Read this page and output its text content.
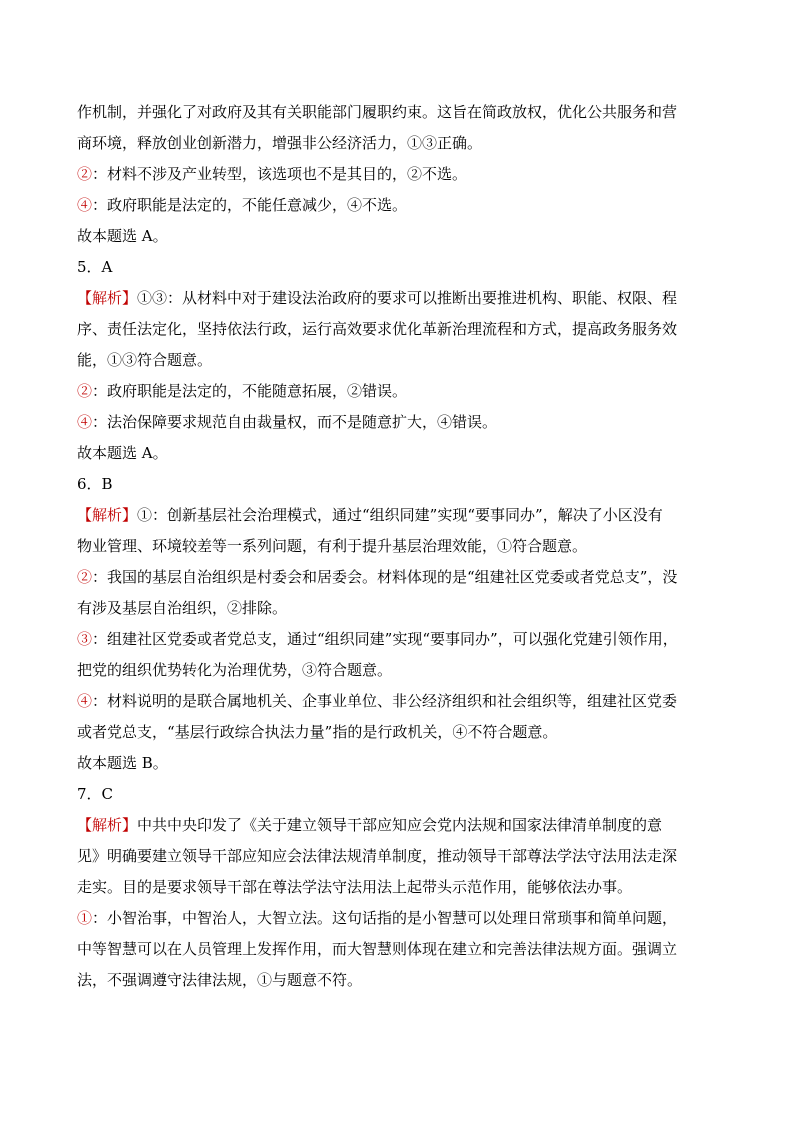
作机制，并强化了对政府及其有关职能部门履职约束。这旨在简政放权，优化公共服务和营
商环境，释放创业创新潜力，增强非公经济活力，①③正确。
②：材料不涉及产业转型，该选项也不是其目的，②不选。
④：政府职能是法定的，不能任意减少，④不选。
故本题选 A。
5．A
【解析】①③：从材料中对于建设法治政府的要求可以推断出要推进机构、职能、权限、程
序、责任法定化，坚持依法行政，运行高效要求优化革新治理流程和方式，提高政务服务效
能，①③符合题意。
②：政府职能是法定的，不能随意拓展，②错误。
④：法治保障要求规范自由裁量权，而不是随意扩大，④错误。
故本题选 A。
6．B
【解析】①：创新基层社会治理模式，通过“组织同建”实现“要事同办”，解决了小区没有
物业管理、环境较差等一系列问题，有利于提升基层治理效能，①符合题意。
②：我国的基层自治组织是村委会和居委会。材料体现的是“组建社区党委或者党总支”，没
有涉及基层自治组织，②排除。
③：组建社区党委或者党总支，通过“组织同建”实现“要事同办”，可以强化党建引领作用，
把党的组织优势转化为治理优势，③符合题意。
④：材料说明的是联合属地机关、企事业单位、非公经济组织和社会组织等，组建社区党委
或者党总支，“基层行政综合执法力量”指的是行政机关，④不符合题意。
故本题选 B。
7．C
【解析】中共中央印发了《关于建立领导干部应知应会党内法规和国家法律清单制度的意
见》明确要建立领导干部应知应会法律法规清单制度，推动领导干部尊法学法守法用法走深
走实。目的是要求领导干部在尊法学法守法用法上起带头示范作用，能够依法办事。
①：小智治事，中智治人，大智立法。这句话指的是小智慧可以处理日常琐事和简单问题，
中等智慧可以在人员管理上发挥作用，而大智慧则体现在建立和完善法律法规方面。强调立
法，不强调遵守法律法规，①与题意不符。
